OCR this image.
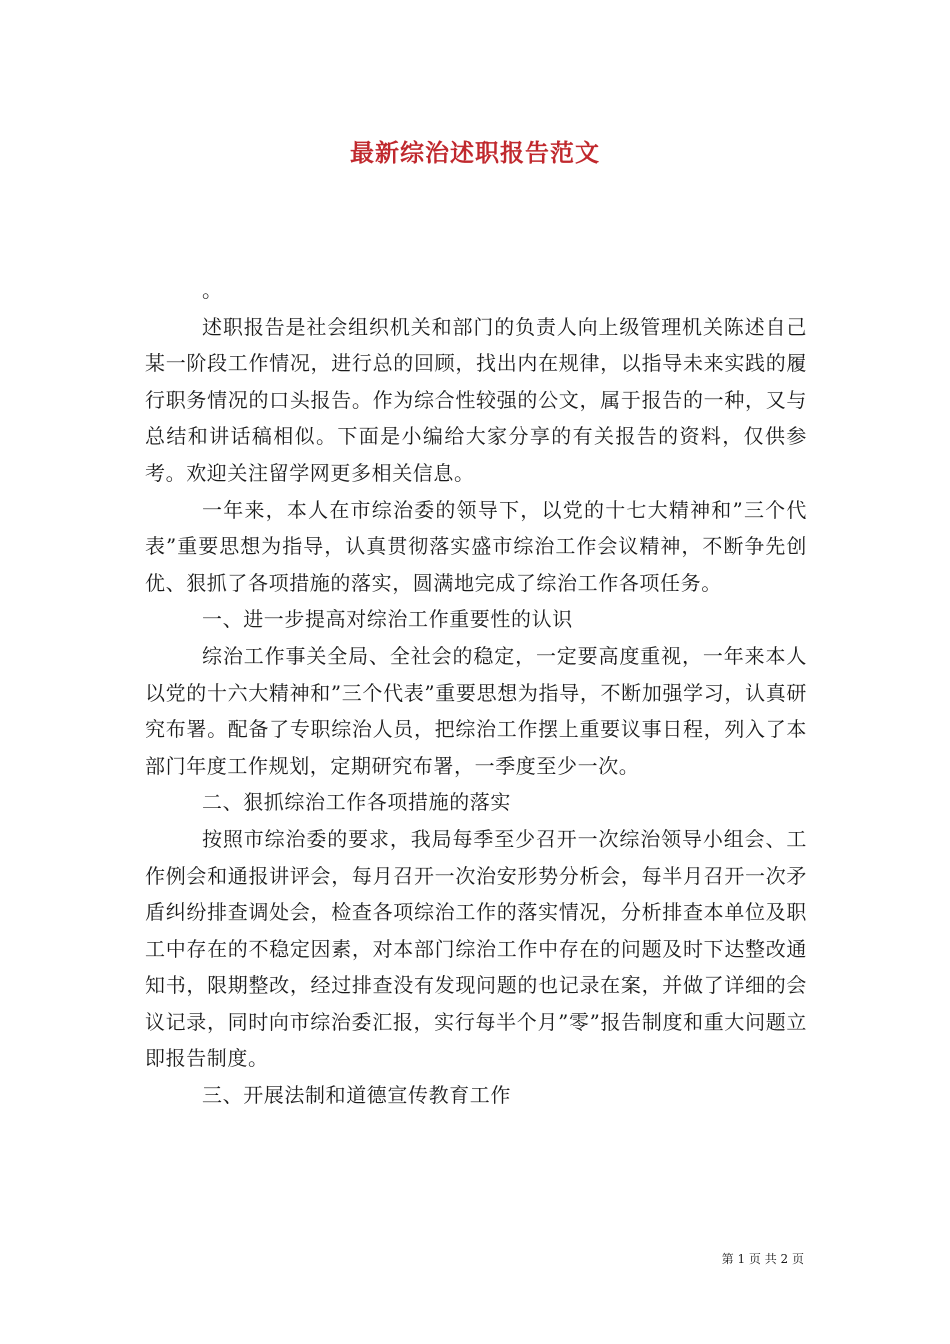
最新综治述职报告范文

。

述职报告是社会组织机关和部门的负责人向上级管理机关陈述自己某一阶段工作情况，进行总的回顾，找出内在规律，以指导未来实践的履行职务情况的口头报告。作为综合性较强的公文，属于报告的一种，又与总结和讲话稿相似。下面是小编给大家分享的有关报告的资料，仅供参考。欢迎关注留学网更多相关信息。

一年来，本人在市综治委的领导下，以党的十七大精神和”三个代表”重要思想为指导，认真贯彻落实盛市综治工作会议精神，不断争先创优、狠抓了各项措施的落实，圆满地完成了综治工作各项任务。

一、进一步提高对综治工作重要性的认识

综治工作事关全局、全社会的稳定，一定要高度重视，一年来本人以党的十六大精神和”三个代表”重要思想为指导，不断加强学习，认真研究布署。配备了专职综治人员，把综治工作摆上重要议事日程，列入了本部门年度工作规划，定期研究布署，一季度至少一次。

二、狠抓综治工作各项措施的落实

按照市综治委的要求，我局每季至少召开一次综治领导小组会、工作例会和通报讲评会，每月召开一次治安形势分析会，每半月召开一次矛盾纠纷排查调处会，检查各项综治工作的落实情况，分析排查本单位及职工中存在的不稳定因素，对本部门综治工作中存在的问题及时下达整改通知书，限期整改，经过排查没有发现问题的也记录在案，并做了详细的会议记录，同时向市综治委汇报，实行每半个月”零”报告制度和重大问题立即报告制度。

三、开展法制和道德宣传教育工作

第 1 页 共 2 页
